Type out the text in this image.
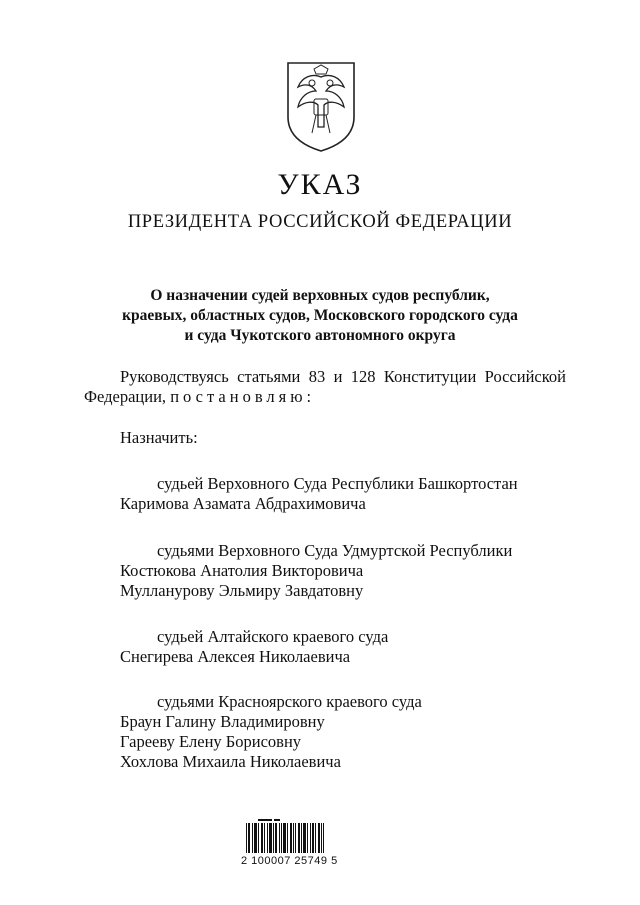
УКАЗ
ПРЕЗИДЕНТА РОССИЙСКОЙ ФЕДЕРАЦИИ
О назначении судей верховных судов республик,
краевых, областных судов, Московского городского суда
и суда Чукотского автономного округа
Руководствуясь статьями 83 и 128 Конституции Российской
Федерации, постановляю:
Назначить:
судьей Верховного Суда Республики Башкортостан
Каримова Азамата Абдрахимовича
судьями Верховного Суда Удмуртской Республики
Костюкова Анатолия Викторовича
Мулланурову Эльмиру Завдатовну
судьей Алтайского краевого суда
Снегирева Алексея Николаевича
судьями Красноярского краевого суда
Браун Галину Владимировну
Гарееву Елену Борисовну
Хохлова Михаила Николаевича
2 100007 25749 5
